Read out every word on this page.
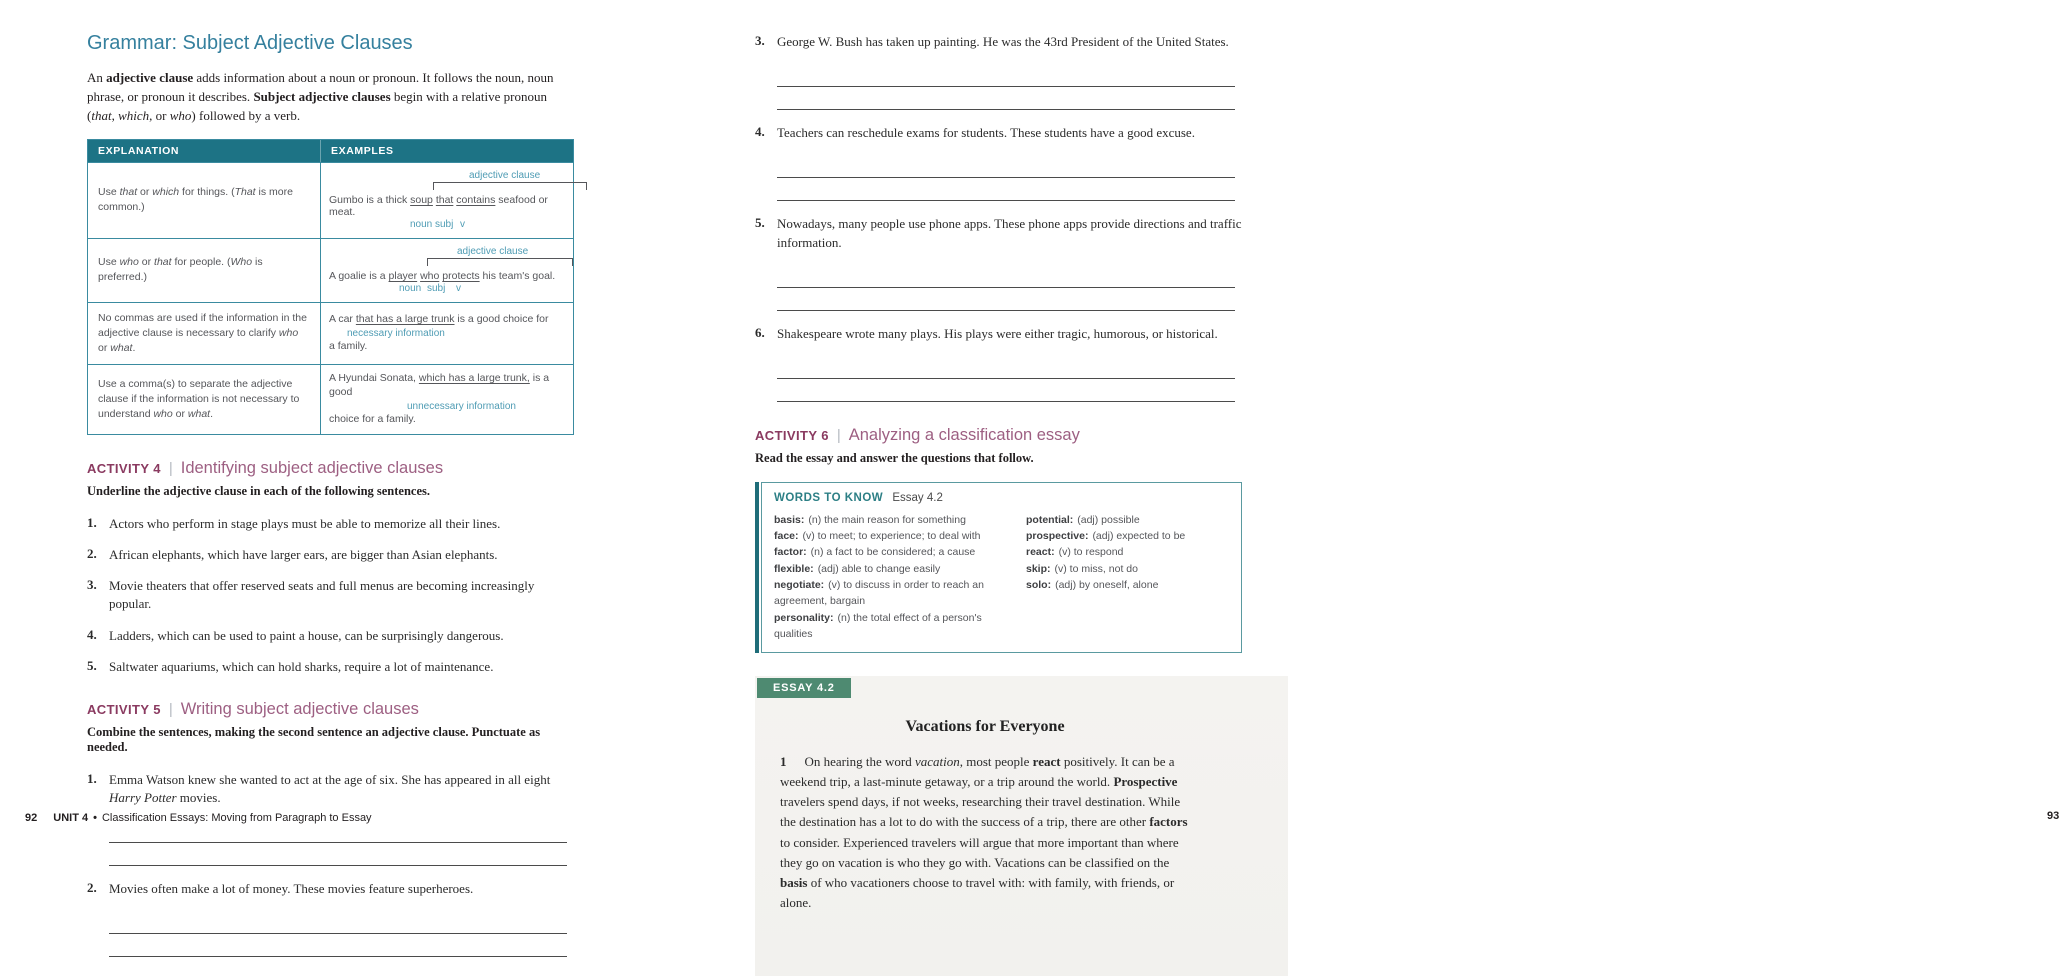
Grammar: Subject Adjective Clauses

An adjective clause adds information about a noun or pronoun. It follows the noun, noun phrase, or pronoun it describes. Subject adjective clauses begin with a relative pronoun (that, which, or who) followed by a verb.

EXPLANATION	EXAMPLES
Use that or which for things. (That is more common.)
adjective clause
Gumbo is a thick soup that contains seafood or meat.
noun subj v
Use who or that for people. (Who is preferred.)
adjective clause
A goalie is a player who protects his team's goal.
noun subj v
No commas are used if the information in the adjective clause is necessary to clarify who or what.
A car that has a large trunk is a good choice for
necessary information
a family.
Use a comma(s) to separate the adjective clause if the information is not necessary to understand who or what.
A Hyundai Sonata, which has a large trunk, is a good
unnecessary information
choice for a family.
ACTIVITY 4 | Identifying subject adjective clauses
Underline the adjective clause in each of the following sentences.
1. Actors who perform in stage plays must be able to memorize all their lines.
2. African elephants, which have larger ears, are bigger than Asian elephants.
3. Movie theaters that offer reserved seats and full menus are becoming increasingly popular.
4. Ladders, which can be used to paint a house, can be surprisingly dangerous.
5. Saltwater aquariums, which can hold sharks, require a lot of maintenance.
ACTIVITY 5 | Writing subject adjective clauses
Combine the sentences, making the second sentence an adjective clause. Punctuate as needed.
1. Emma Watson knew she wanted to act at the age of six. She has appeared in all eight Harry Potter movies.
2. Movies often make a lot of money. These movies feature superheroes.
92 UNIT 4 • Classification Essays: Moving from Paragraph to Essay
3. George W. Bush has taken up painting. He was the 43rd President of the United States.
4. Teachers can reschedule exams for students. These students have a good excuse.
5. Nowadays, many people use phone apps. These phone apps provide directions and traffic information.
6. Shakespeare wrote many plays. His plays were either tragic, humorous, or historical.
ACTIVITY 6 | Analyzing a classification essay
Read the essay and answer the questions that follow.
WORDS TO KNOW Essay 4.2
basis: (n) the main reason for something
face: (v) to meet; to experience; to deal with
factor: (n) a fact to be considered; a cause
flexible: (adj) able to change easily
negotiate: (v) to discuss in order to reach an agreement, bargain
personality: (n) the total effect of a person's qualities
potential: (adj) possible
prospective: (adj) expected to be
react: (v) to respond
skip: (v) to miss, not do
solo: (adj) by oneself, alone
ESSAY 4.2
Vacations for Everyone
1 On hearing the word vacation, most people react positively. It can be a weekend trip, a last-minute getaway, or a trip around the world. Prospective travelers spend days, if not weeks, researching their travel destination. While the destination has a lot to do with the success of a trip, there are other factors to consider. Experienced travelers will argue that more important than where they go on vacation is who they go with. Vacations can be classified on the basis of who vacationers choose to travel with: with family, with friends, or alone.
93
